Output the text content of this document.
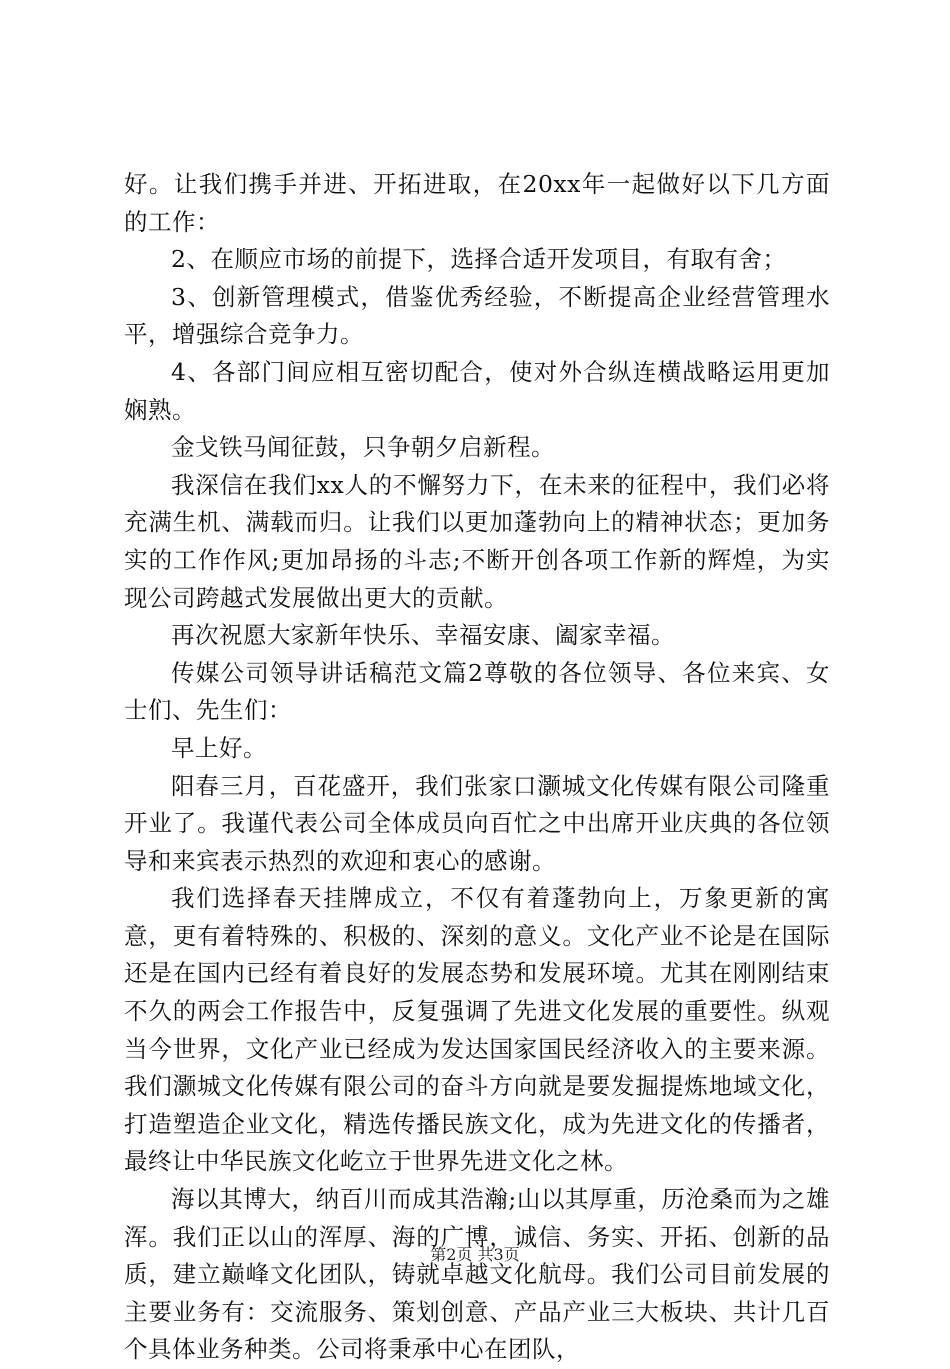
好。让我们携手并进、开拓进取，在20xx年一起做好以下几方面的工作：

2、在顺应市场的前提下，选择合适开发项目，有取有舍；

3、创新管理模式，借鉴优秀经验，不断提高企业经营管理水平，增强综合竞争力。

4、各部门间应相互密切配合，使对外合纵连横战略运用更加娴熟。

金戈铁马闻征鼓，只争朝夕启新程。

我深信在我们xx人的不懈努力下，在未来的征程中，我们必将充满生机、满载而归。让我们以更加蓬勃向上的精神状态；更加务实的工作作风;更加昂扬的斗志;不断开创各项工作新的辉煌，为实现公司跨越式发展做出更大的贡献。

再次祝愿大家新年快乐、幸福安康、阖家幸福。

传媒公司领导讲话稿范文篇2尊敬的各位领导、各位来宾、女士们、先生们：

早上好。

阳春三月，百花盛开，我们张家口灏城文化传媒有限公司隆重开业了。我谨代表公司全体成员向百忙之中出席开业庆典的各位领导和来宾表示热烈的欢迎和衷心的感谢。

我们选择春天挂牌成立，不仅有着蓬勃向上，万象更新的寓意，更有着特殊的、积极的、深刻的意义。文化产业不论是在国际还是在国内已经有着良好的发展态势和发展环境。尤其在刚刚结束不久的两会工作报告中，反复强调了先进文化发展的重要性。纵观当今世界，文化产业已经成为发达国家国民经济收入的主要来源。我们灏城文化传媒有限公司的奋斗方向就是要发掘提炼地域文化，打造塑造企业文化，精选传播民族文化，成为先进文化的传播者，最终让中华民族文化屹立于世界先进文化之林。

海以其博大，纳百川而成其浩瀚;山以其厚重，历沧桑而为之雄浑。我们正以山的浑厚、海的广博，诚信、务实、开拓、创新的品质，建立巅峰文化团队，铸就卓越文化航母。我们公司目前发展的主要业务有：交流服务、策划创意、产品产业三大板块、共计几百个具体业务种类。公司将秉承中心在团队，

第2页 共3页
